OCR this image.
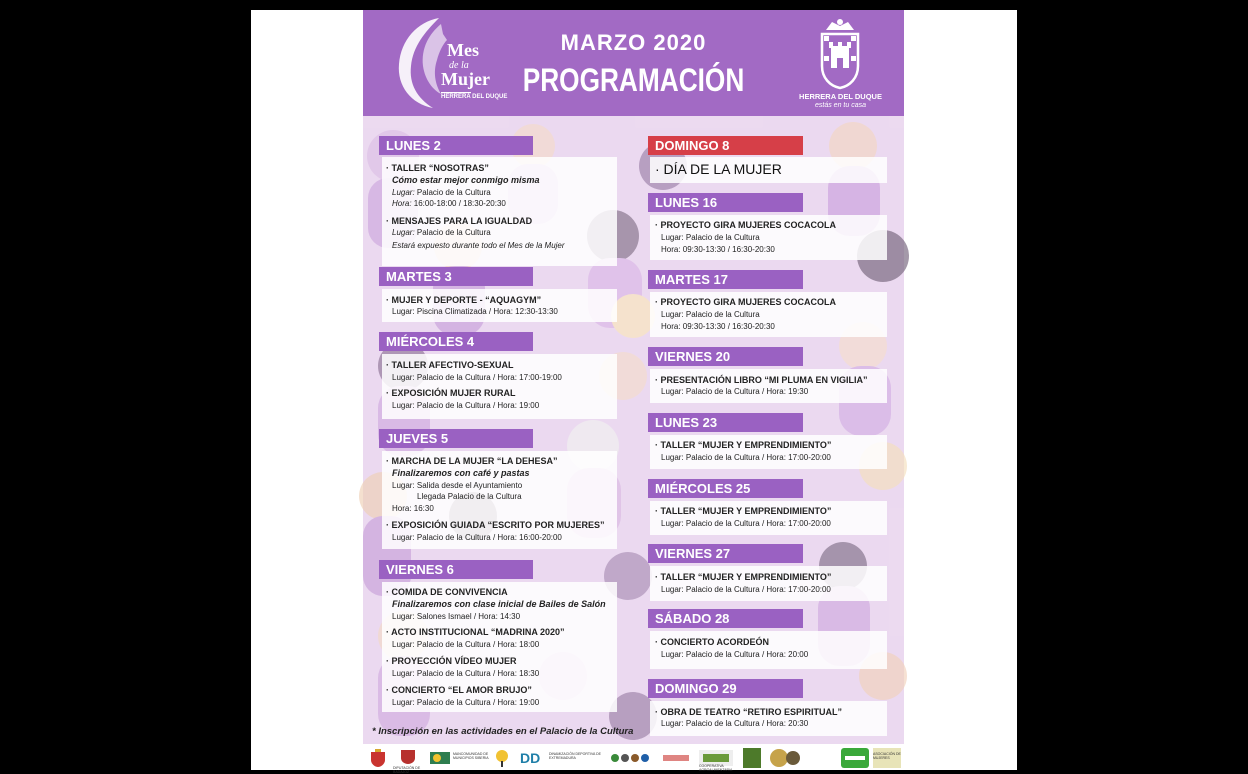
Mes
de la
Mujer
HERRERA DEL DUQUE
MARZO 2020
PROGRAMACIÓN	HERRERA DEL DUQUE
estás en tu casa
LUNES 2
· TALLER “NOSOTRAS”
Cómo estar mejor conmigo misma
Lugar: Palacio de la Cultura
Hora: 16:00-18:00 / 18:30-20:30
· MENSAJES PARA LA IGUALDAD
Lugar: Palacio de la Cultura
Estará expuesto durante todo el Mes de la Mujer
MARTES 3
· MUJER Y DEPORTE - “AQUAGYM”
Lugar: Piscina Climatizada / Hora: 12:30-13:30
MIÉRCOLES 4
· TALLER AFECTIVO-SEXUAL
Lugar: Palacio de la Cultura / Hora: 17:00-19:00
· EXPOSICIÓN MUJER RURAL
Lugar: Palacio de la Cultura / Hora: 19:00
JUEVES 5
· MARCHA DE LA MUJER “LA DEHESA”
Finalizaremos con café y pastas
Lugar: Salida desde el Ayuntamiento
Llegada Palacio de la Cultura
Hora: 16:30
· EXPOSICIÓN GUIADA “ESCRITO POR MUJERES”
Lugar: Palacio de la Cultura / Hora: 16:00-20:00
VIERNES 6
· COMIDA DE CONVIVENCIA
Finalizaremos con clase inicial de Bailes de Salón
Lugar: Salones Ismael / Hora: 14:30
· ACTO INSTITUCIONAL “MADRINA 2020”
Lugar: Palacio de la Cultura / Hora: 18:00
· PROYECCIÓN VÍDEO MUJER
Lugar: Palacio de la Cultura / Hora: 18:30
· CONCIERTO “EL AMOR BRUJO”
Lugar: Palacio de la Cultura / Hora: 19:00
DOMINGO 8
· DÍA DE LA MUJER
LUNES 16
· PROYECTO GIRA MUJERES COCACOLA
Lugar: Palacio de la Cultura
Hora: 09:30-13:30 / 16:30-20:30
MARTES 17
· PROYECTO GIRA MUJERES COCACOLA
Lugar: Palacio de la Cultura
Hora: 09:30-13:30 / 16:30-20:30
VIERNES 20
· PRESENTACIÓN LIBRO “MI PLUMA EN VIGILIA”
Lugar: Palacio de la Cultura / Hora: 19:30
LUNES 23
· TALLER “MUJER Y EMPRENDIMIENTO”
Lugar: Palacio de la Cultura / Hora: 17:00-20:00
MIÉRCOLES 25
· TALLER “MUJER Y EMPRENDIMIENTO”
Lugar: Palacio de la Cultura / Hora: 17:00-20:00
VIERNES 27
· TALLER “MUJER Y EMPRENDIMIENTO”
Lugar: Palacio de la Cultura / Hora: 17:00-20:00
SÁBADO 28
· CONCIERTO ACORDEÓN
Lugar: Palacio de la Cultura / Hora: 20:00
DOMINGO 29
· OBRA DE TEATRO “RETIRO ESPIRITUAL”
Lugar: Palacio de la Cultura / Hora: 20:30
* Inscripción en las actividades en el Palacio de la Cultura
DIPUTACIÓN DE BADAJOZ
MANCOMUNIDAD DE MUNICIPIOS SIBERIA DD	DINAMIZACIÓN DEPORTIVA DE EXTREMADURA
COOPERATIVA AGROALIMENTARIA
ASOCIACIÓN DE MUJERES
